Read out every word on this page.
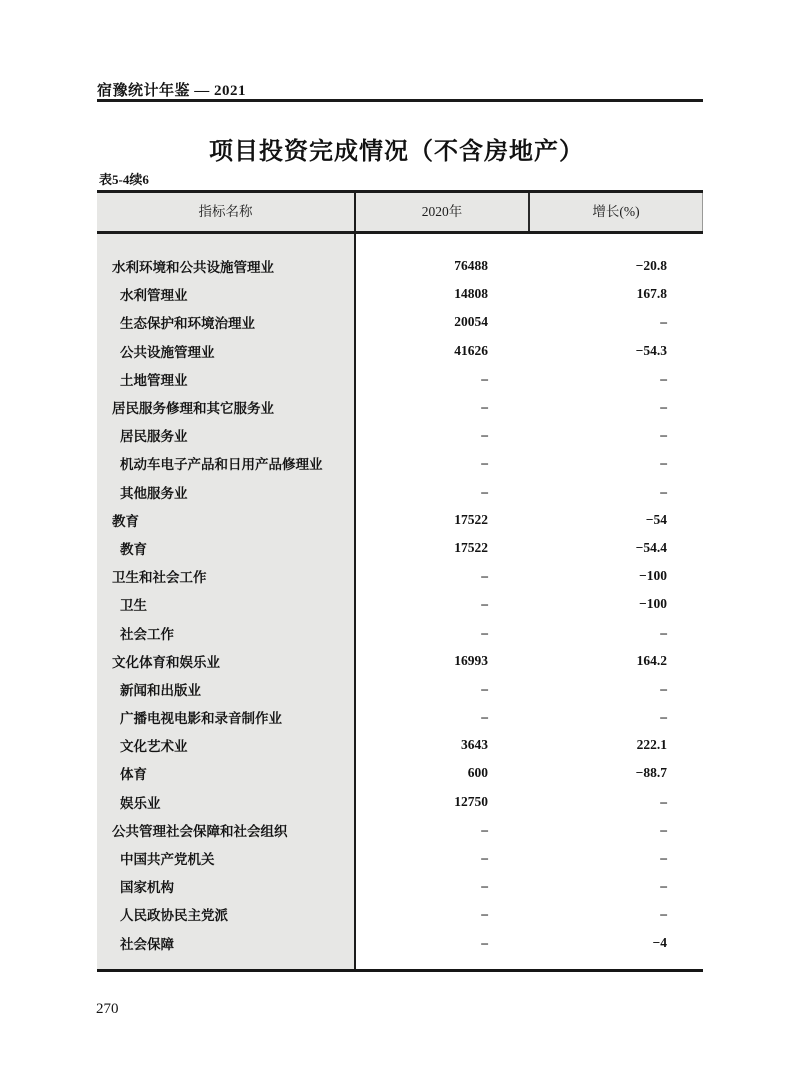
宿豫统计年鉴 — 2021
项目投资完成情况（不含房地产）
表5-4续6
指标名称	2020年	增长(%)
水利环境和公共设施管理业	76488	−20.8
水利管理业	14808	167.8
生态保护和环境治理业	20054	–
公共设施管理业	41626	−54.3
土地管理业	–	–
居民服务修理和其它服务业	–	–
居民服务业	–	–
机动车电子产品和日用产品修理业	–	–
其他服务业	–	–
教育	17522	−54
教育	17522	−54.4
卫生和社会工作	–	−100
卫生	–	−100
社会工作	–	–
文化体育和娱乐业	16993	164.2
新闻和出版业	–	–
广播电视电影和录音制作业	–	–
文化艺术业	3643	222.1
体育	600	−88.7
娱乐业	12750	–
公共管理社会保障和社会组织	–	–
中国共产党机关	–	–
国家机构	–	–
人民政协民主党派	–	–
社会保障	–	−4
270
